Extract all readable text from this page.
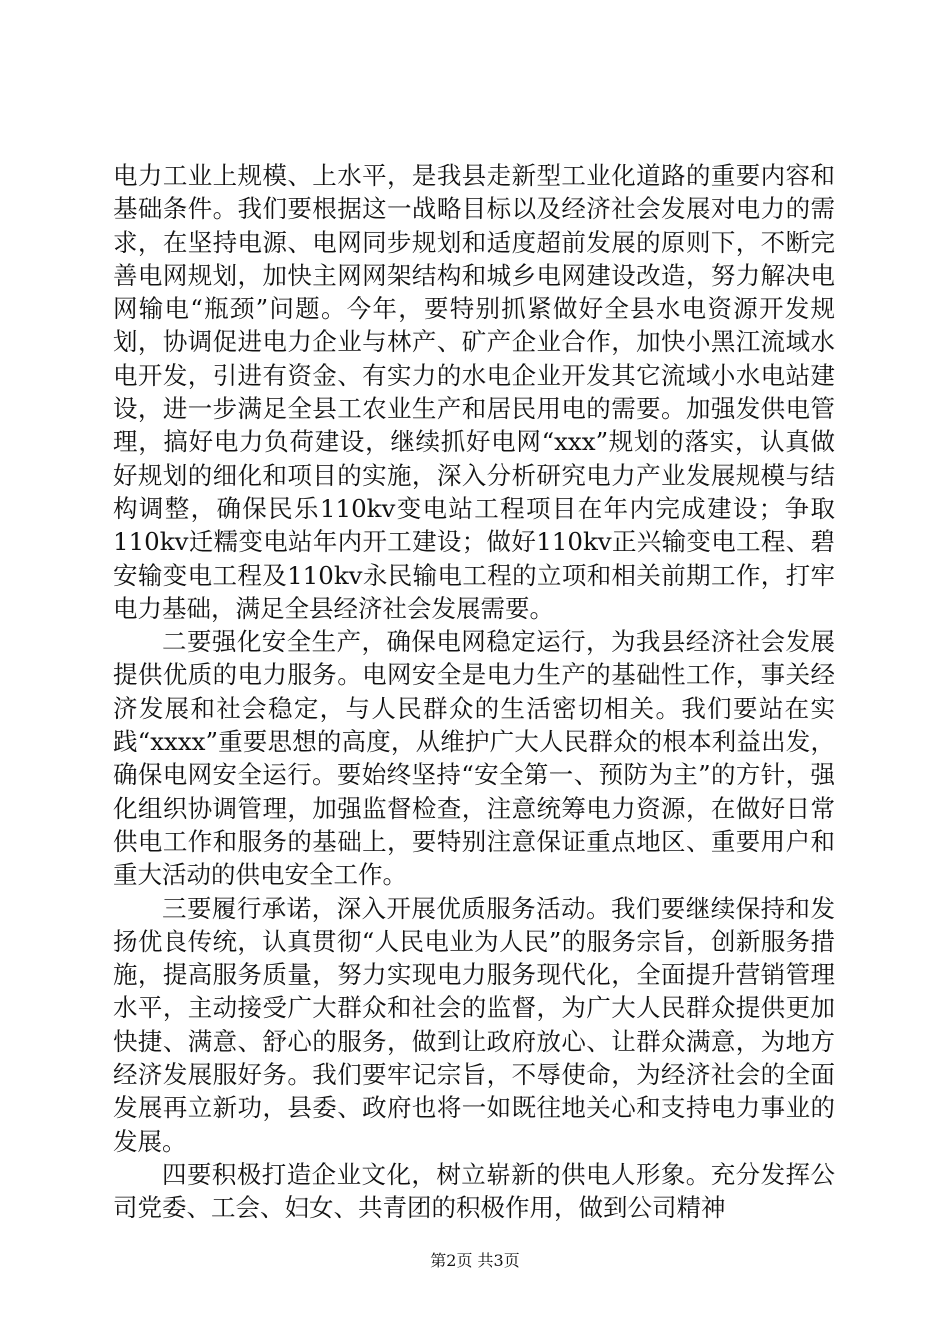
电力工业上规模、上水平，是我县走新型工业化道路的重要内容和基础条件。我们要根据这一战略目标以及经济社会发展对电力的需求，在坚持电源、电网同步规划和适度超前发展的原则下，不断完善电网规划，加快主网网架结构和城乡电网建设改造，努力解决电网输电“瓶颈”问题。今年，要特别抓紧做好全县水电资源开发规划，协调促进电力企业与林产、矿产企业合作，加快小黑江流域水电开发，引进有资金、有实力的水电企业开发其它流域小水电站建设，进一步满足全县工农业生产和居民用电的需要。加强发供电管理，搞好电力负荷建设，继续抓好电网“xxx”规划的落实，认真做好规划的细化和项目的实施，深入分析研究电力产业发展规模与结构调整，确保民乐110kv变电站工程项目在年内完成建设；争取110kv迁糯变电站年内开工建设；做好110kv正兴输变电工程、碧安输变电工程及110kv永民输电工程的立项和相关前期工作，打牢电力基础，满足全县经济社会发展需要。

二要强化安全生产，确保电网稳定运行，为我县经济社会发展提供优质的电力服务。电网安全是电力生产的基础性工作，事关经济发展和社会稳定，与人民群众的生活密切相关。我们要站在实践“xxxx”重要思想的高度，从维护广大人民群众的根本利益出发，确保电网安全运行。要始终坚持“安全第一、预防为主”的方针，强化组织协调管理，加强监督检查，注意统筹电力资源，在做好日常供电工作和服务的基础上，要特别注意保证重点地区、重要用户和重大活动的供电安全工作。

三要履行承诺，深入开展优质服务活动。我们要继续保持和发扬优良传统，认真贯彻“人民电业为人民”的服务宗旨，创新服务措施，提高服务质量，努力实现电力服务现代化，全面提升营销管理水平，主动接受广大群众和社会的监督，为广大人民群众提供更加快捷、满意、舒心的服务，做到让政府放心、让群众满意，为地方经济发展服好务。我们要牢记宗旨，不辱使命，为经济社会的全面发展再立新功，县委、政府也将一如既往地关心和支持电力事业的发展。

四要积极打造企业文化，树立崭新的供电人形象。充分发挥公司党委、工会、妇女、共青团的积极作用，做到公司精神

第2页 共3页
